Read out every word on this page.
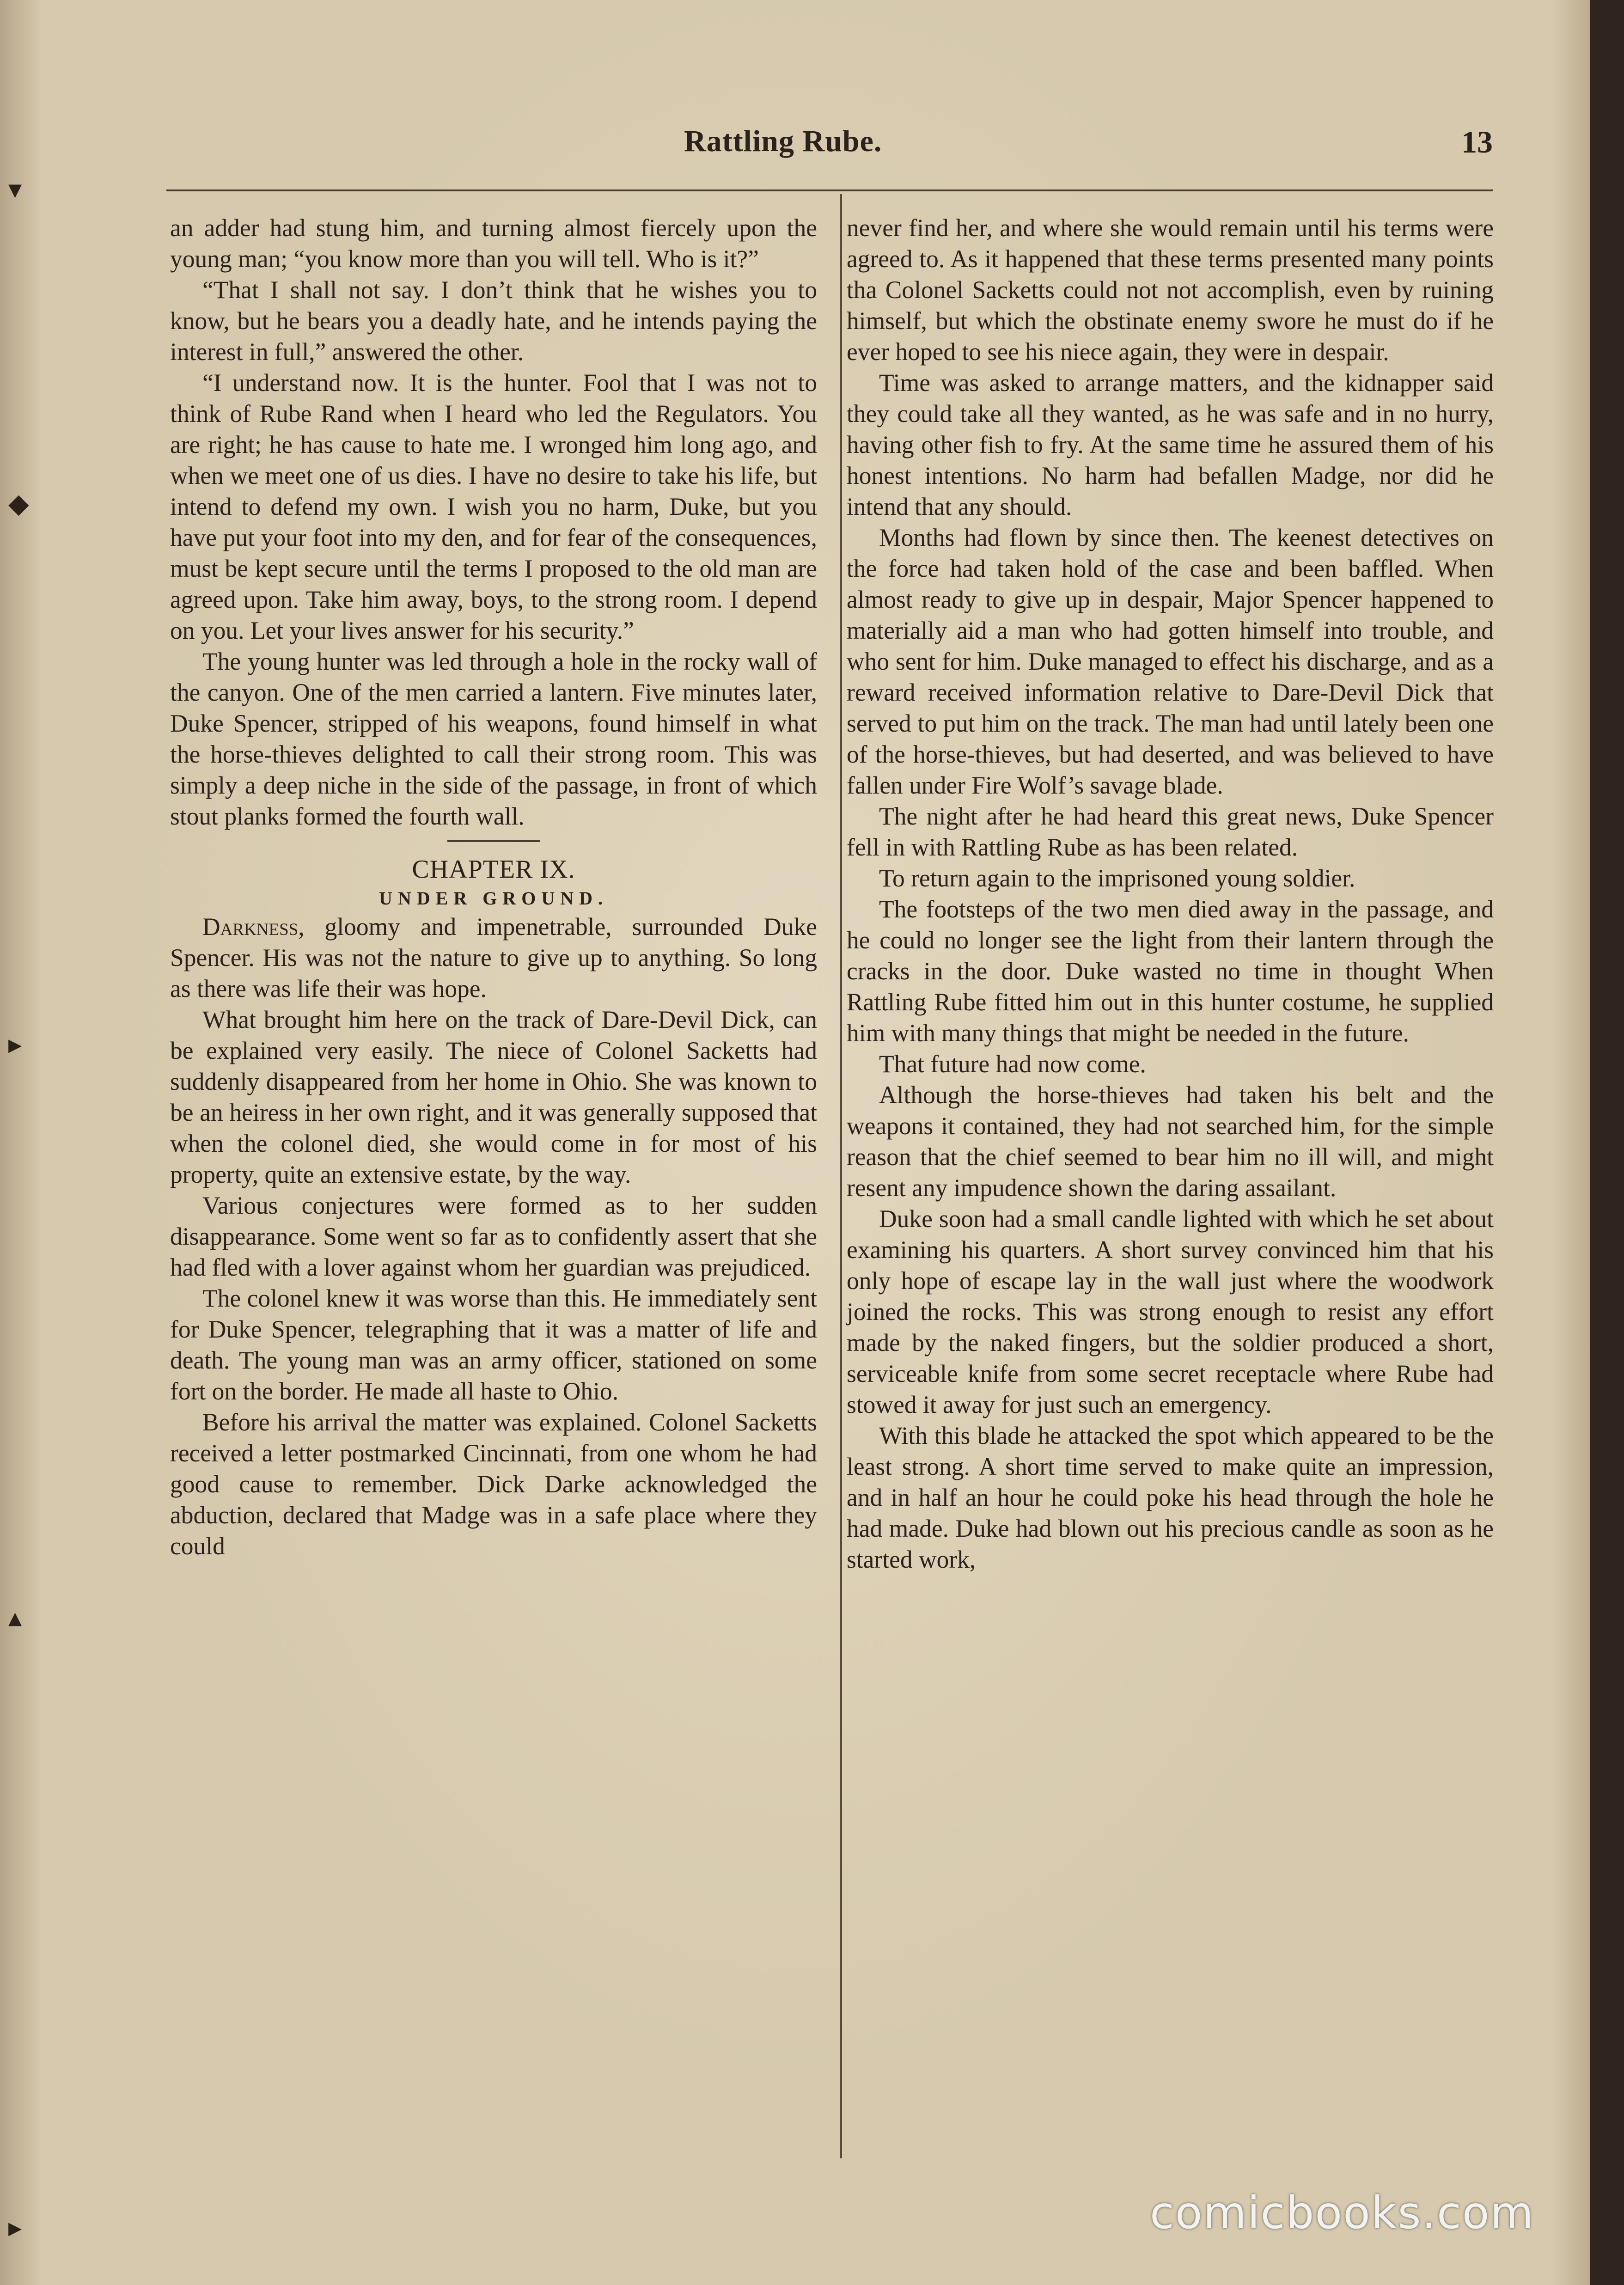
▾
◆
▸
▴
▸
Rattling Rube.	13

an adder had stung him, and turning almost fiercely upon the young man; “you know more than you will tell. Who is it?”

“That I shall not say. I don’t think that he wishes you to know, but he bears you a deadly hate, and he intends paying the interest in full,” answered the other.

“I understand now. It is the hunter. Fool that I was not to think of Rube Rand when I heard who led the Regulators. You are right; he has cause to hate me. I wronged him long ago, and when we meet one of us dies. I have no desire to take his life, but intend to defend my own. I wish you no harm, Duke, but you have put your foot into my den, and for fear of the consequences, must be kept secure until the terms I proposed to the old man are agreed upon. Take him away, boys, to the strong room. I depend on you. Let your lives answer for his security.”

The young hunter was led through a hole in the rocky wall of the canyon. One of the men carried a lantern. Five minutes later, Duke Spencer, stripped of his weapons, found himself in what the horse-thieves delighted to call their strong room. This was simply a deep niche in the side of the passage, in front of which stout planks formed the fourth wall.

CHAPTER IX.
UNDER GROUND.

Darkness, gloomy and impenetrable, surrounded Duke Spencer. His was not the nature to give up to anything. So long as there was life their was hope.

What brought him here on the track of Dare-Devil Dick, can be explained very easily. The niece of Colonel Sacketts had suddenly disappeared from her home in Ohio. She was known to be an heiress in her own right, and it was generally supposed that when the colonel died, she would come in for most of his property, quite an extensive estate, by the way.

Various conjectures were formed as to her sudden disappearance. Some went so far as to confidently assert that she had fled with a lover against whom her guardian was prejudiced.

The colonel knew it was worse than this. He immediately sent for Duke Spencer, telegraphing that it was a matter of life and death. The young man was an army officer, stationed on some fort on the border. He made all haste to Ohio.

Before his arrival the matter was explained. Colonel Sacketts received a letter postmarked Cincinnati, from one whom he had good cause to remember. Dick Darke acknowledged the abduction, declared that Madge was in a safe place where they could

never find her, and where she would remain until his terms were agreed to. As it happened that these terms presented many points tha Colonel Sacketts could not not accomplish, even by ruining himself, but which the obstinate enemy swore he must do if he ever hoped to see his niece again, they were in despair.

Time was asked to arrange matters, and the kidnapper said they could take all they wanted, as he was safe and in no hurry, having other fish to fry. At the same time he assured them of his honest intentions. No harm had befallen Madge, nor did he intend that any should.

Months had flown by since then. The keenest detectives on the force had taken hold of the case and been baffled. When almost ready to give up in despair, Major Spencer happened to materially aid a man who had gotten himself into trouble, and who sent for him. Duke managed to effect his discharge, and as a reward received information relative to Dare-Devil Dick that served to put him on the track. The man had until lately been one of the horse-thieves, but had deserted, and was believed to have fallen under Fire Wolf’s savage blade.

The night after he had heard this great news, Duke Spencer fell in with Rattling Rube as has been related.

To return again to the imprisoned young soldier.

The footsteps of the two men died away in the passage, and he could no longer see the light from their lantern through the cracks in the door. Duke wasted no time in thought When Rattling Rube fitted him out in this hunter costume, he supplied him with many things that might be needed in the future.

That future had now come.

Although the horse-thieves had taken his belt and the weapons it contained, they had not searched him, for the simple reason that the chief seemed to bear him no ill will, and might resent any impudence shown the daring assailant.

Duke soon had a small candle lighted with which he set about examining his quarters. A short survey convinced him that his only hope of escape lay in the wall just where the woodwork joined the rocks. This was strong enough to resist any effort made by the naked fingers, but the soldier produced a short, serviceable knife from some secret receptacle where Rube had stowed it away for just such an emergency.

With this blade he attacked the spot which appeared to be the least strong. A short time served to make quite an impression, and in half an hour he could poke his head through the hole he had made. Duke had blown out his precious candle as soon as he started work,

comicbooks.com
